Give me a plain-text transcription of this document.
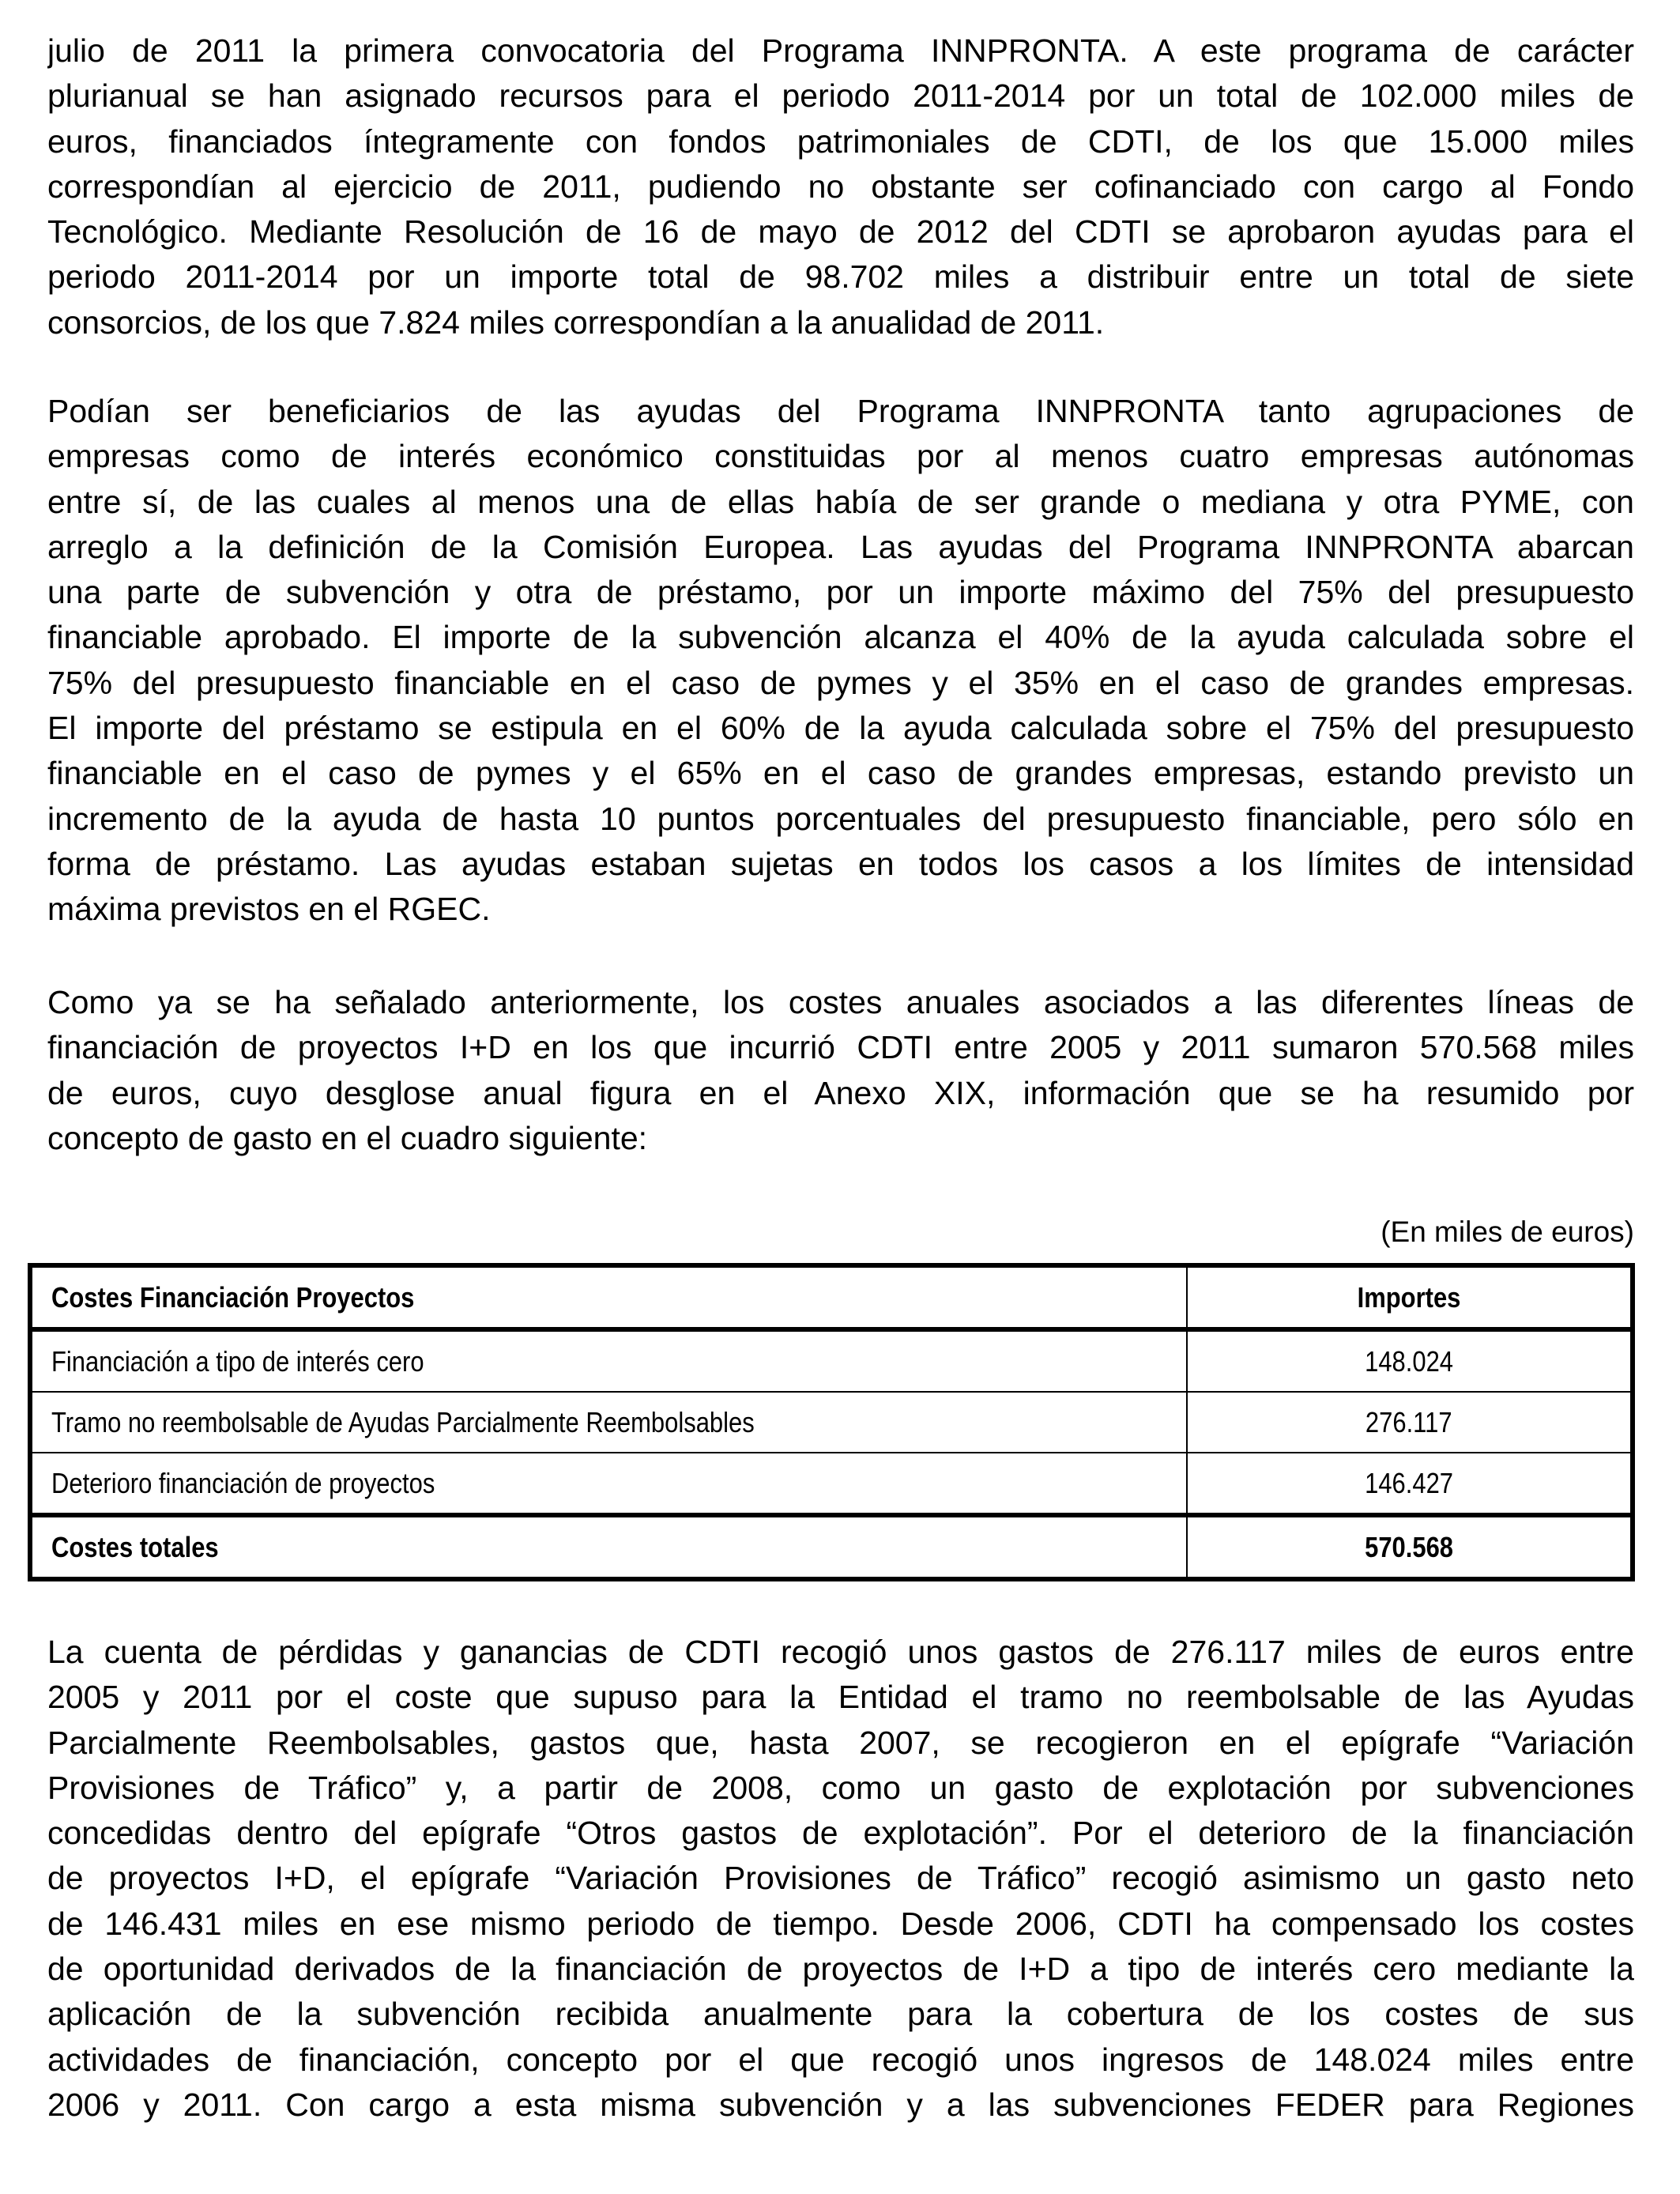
julio de 2011 la primera convocatoria del Programa INNPRONTA. A este programa de carácter
plurianual se han asignado recursos para el periodo 2011-2014 por un total de 102.000 miles de
euros, financiados íntegramente con fondos patrimoniales de CDTI, de los que 15.000 miles
correspondían al ejercicio de 2011, pudiendo no obstante ser cofinanciado con cargo al Fondo
Tecnológico. Mediante Resolución de 16 de mayo de 2012 del CDTI se aprobaron ayudas para el
periodo 2011-2014 por un importe total de 98.702 miles a distribuir entre un total de siete
consorcios, de los que 7.824 miles correspondían a la anualidad de 2011.
Podían ser beneficiarios de las ayudas del Programa INNPRONTA tanto agrupaciones de
empresas como de interés económico constituidas por al menos cuatro empresas autónomas
entre sí, de las cuales al menos una de ellas había de ser grande o mediana y otra PYME, con
arreglo a la definición de la Comisión Europea. Las ayudas del Programa INNPRONTA abarcan
una parte de subvención y otra de préstamo, por un importe máximo del 75% del presupuesto
financiable aprobado. El importe de la subvención alcanza el 40% de la ayuda calculada sobre el
75% del presupuesto financiable en el caso de pymes y el 35% en el caso de grandes empresas.
El importe del préstamo se estipula en el 60% de la ayuda calculada sobre el 75% del presupuesto
financiable en el caso de pymes y el 65% en el caso de grandes empresas, estando previsto un
incremento de la ayuda de hasta 10 puntos porcentuales del presupuesto financiable, pero sólo en
forma de préstamo. Las ayudas estaban sujetas en todos los casos a los límites de intensidad
máxima previstos en el RGEC.
Como ya se ha señalado anteriormente, los costes anuales asociados a las diferentes líneas de
financiación de proyectos I+D en los que incurrió CDTI entre 2005 y 2011 sumaron 570.568 miles
de euros, cuyo desglose anual figura en el Anexo XIX, información que se ha resumido por
concepto de gasto en el cuadro siguiente:
(En miles de euros)
Costes Financiación Proyectos	Importes
Financiación a tipo de interés cero	148.024
Tramo no reembolsable de Ayudas Parcialmente Reembolsables	276.117
Deterioro financiación de proyectos	146.427
Costes totales	570.568
La cuenta de pérdidas y ganancias de CDTI recogió unos gastos de 276.117 miles de euros entre
2005 y 2011 por el coste que supuso para la Entidad el tramo no reembolsable de las Ayudas
Parcialmente Reembolsables, gastos que, hasta 2007, se recogieron en el epígrafe “Variación
Provisiones de Tráfico” y, a partir de 2008, como un gasto de explotación por subvenciones
concedidas dentro del epígrafe “Otros gastos de explotación”. Por el deterioro de la financiación
de proyectos I+D, el epígrafe “Variación Provisiones de Tráfico” recogió asimismo un gasto neto
de 146.431 miles en ese mismo periodo de tiempo. Desde 2006, CDTI ha compensado los costes
de oportunidad derivados de la financiación de proyectos de I+D a tipo de interés cero mediante la
aplicación de la subvención recibida anualmente para la cobertura de los costes de sus
actividades de financiación, concepto por el que recogió unos ingresos de 148.024 miles entre
2006 y 2011. Con cargo a esta misma subvención y a las subvenciones FEDER para Regiones
